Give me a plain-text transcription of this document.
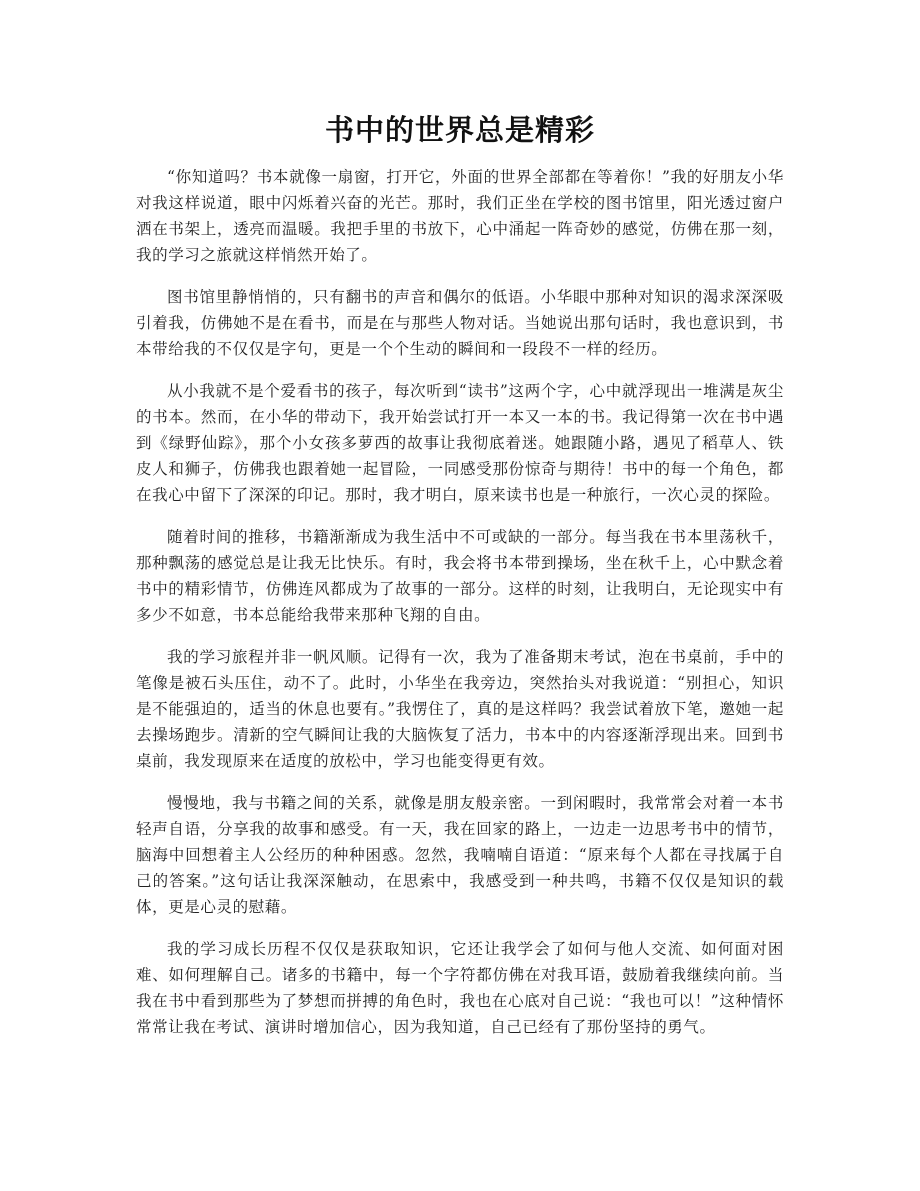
书中的世界总是精彩

“你知道吗？书本就像一扇窗，打开它，外面的世界全部都在等着你！”我的好朋友小华对我这样说道，眼中闪烁着兴奋的光芒。那时，我们正坐在学校的图书馆里，阳光透过窗户洒在书架上，透亮而温暖。我把手里的书放下，心中涌起一阵奇妙的感觉，仿佛在那一刻，我的学习之旅就这样悄然开始了。

图书馆里静悄悄的，只有翻书的声音和偶尔的低语。小华眼中那种对知识的渴求深深吸引着我，仿佛她不是在看书，而是在与那些人物对话。当她说出那句话时，我也意识到，书本带给我的不仅仅是字句，更是一个个生动的瞬间和一段段不一样的经历。

从小我就不是个爱看书的孩子，每次听到“读书”这两个字，心中就浮现出一堆满是灰尘的书本。然而，在小华的带动下，我开始尝试打开一本又一本的书。我记得第一次在书中遇到《绿野仙踪》，那个小女孩多萝西的故事让我彻底着迷。她跟随小路，遇见了稻草人、铁皮人和狮子，仿佛我也跟着她一起冒险，一同感受那份惊奇与期待！书中的每一个角色，都在我心中留下了深深的印记。那时，我才明白，原来读书也是一种旅行，一次心灵的探险。

随着时间的推移，书籍渐渐成为我生活中不可或缺的一部分。每当我在书本里荡秋千，那种飘荡的感觉总是让我无比快乐。有时，我会将书本带到操场，坐在秋千上，心中默念着书中的精彩情节，仿佛连风都成为了故事的一部分。这样的时刻，让我明白，无论现实中有多少不如意，书本总能给我带来那种飞翔的自由。

我的学习旅程并非一帆风顺。记得有一次，我为了准备期末考试，泡在书桌前，手中的笔像是被石头压住，动不了。此时，小华坐在我旁边，突然抬头对我说道：“别担心，知识是不能强迫的，适当的休息也要有。”我愣住了，真的是这样吗？我尝试着放下笔，邀她一起去操场跑步。清新的空气瞬间让我的大脑恢复了活力，书本中的内容逐渐浮现出来。回到书桌前，我发现原来在适度的放松中，学习也能变得更有效。

慢慢地，我与书籍之间的关系，就像是朋友般亲密。一到闲暇时，我常常会对着一本书轻声自语，分享我的故事和感受。有一天，我在回家的路上，一边走一边思考书中的情节，脑海中回想着主人公经历的种种困惑。忽然，我喃喃自语道：“原来每个人都在寻找属于自己的答案。”这句话让我深深触动，在思索中，我感受到一种共鸣，书籍不仅仅是知识的载体，更是心灵的慰藉。

我的学习成长历程不仅仅是获取知识，它还让我学会了如何与他人交流、如何面对困难、如何理解自己。诸多的书籍中，每一个字符都仿佛在对我耳语，鼓励着我继续向前。当我在书中看到那些为了梦想而拼搏的角色时，我也在心底对自己说：“我也可以！”这种情怀常常让我在考试、演讲时增加信心，因为我知道，自己已经有了那份坚持的勇气。
